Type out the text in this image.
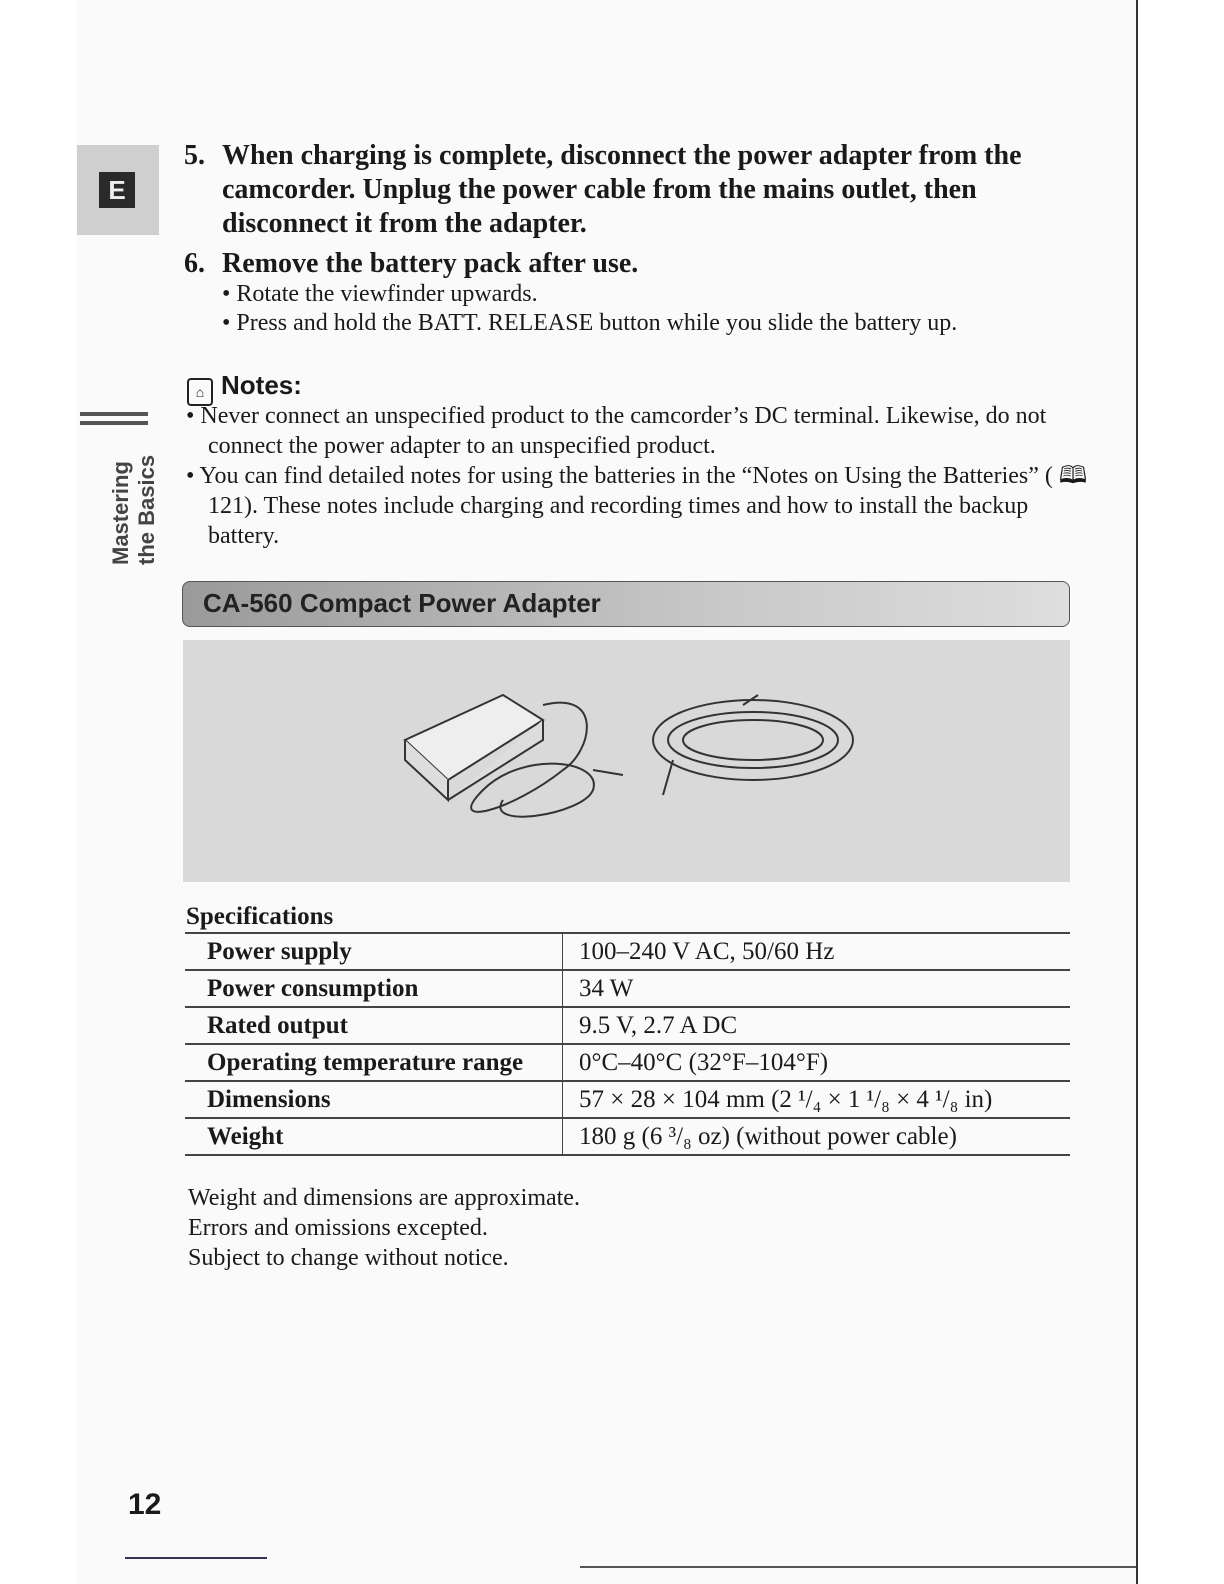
E
Mastering the Basics
5. When charging is complete, disconnect the power adapter from the camcorder. Unplug the power cable from the mains outlet, then disconnect it from the adapter.
6. Remove the battery pack after use.
• Rotate the viewfinder upwards.
• Press and hold the BATT. RELEASE button while you slide the battery up.
⌂ Notes:
• Never connect an unspecified product to the camcorder’s DC terminal. Likewise, do not connect the power adapter to an unspecified product.
• You can find detailed notes for using the batteries in the “Notes on Using the Batteries” ( 🕮 121). These notes include charging and recording times and how to install the backup battery.
CA-560 Compact Power Adapter
Specifications
Power supply	100–240 V AC, 50/60 Hz
Power consumption	34 W
Rated output	9.5 V, 2.7 A DC
Operating temperature range	0°C–40°C (32°F–104°F)
Dimensions	57 × 28 × 104 mm (2 ¹/₄ × 1 ¹/₈ × 4 ¹/₈ in)
Weight	180 g (6 ³/₈ oz) (without power cable)
Weight and dimensions are approximate.
Errors and omissions excepted.
Subject to change without notice.
12
